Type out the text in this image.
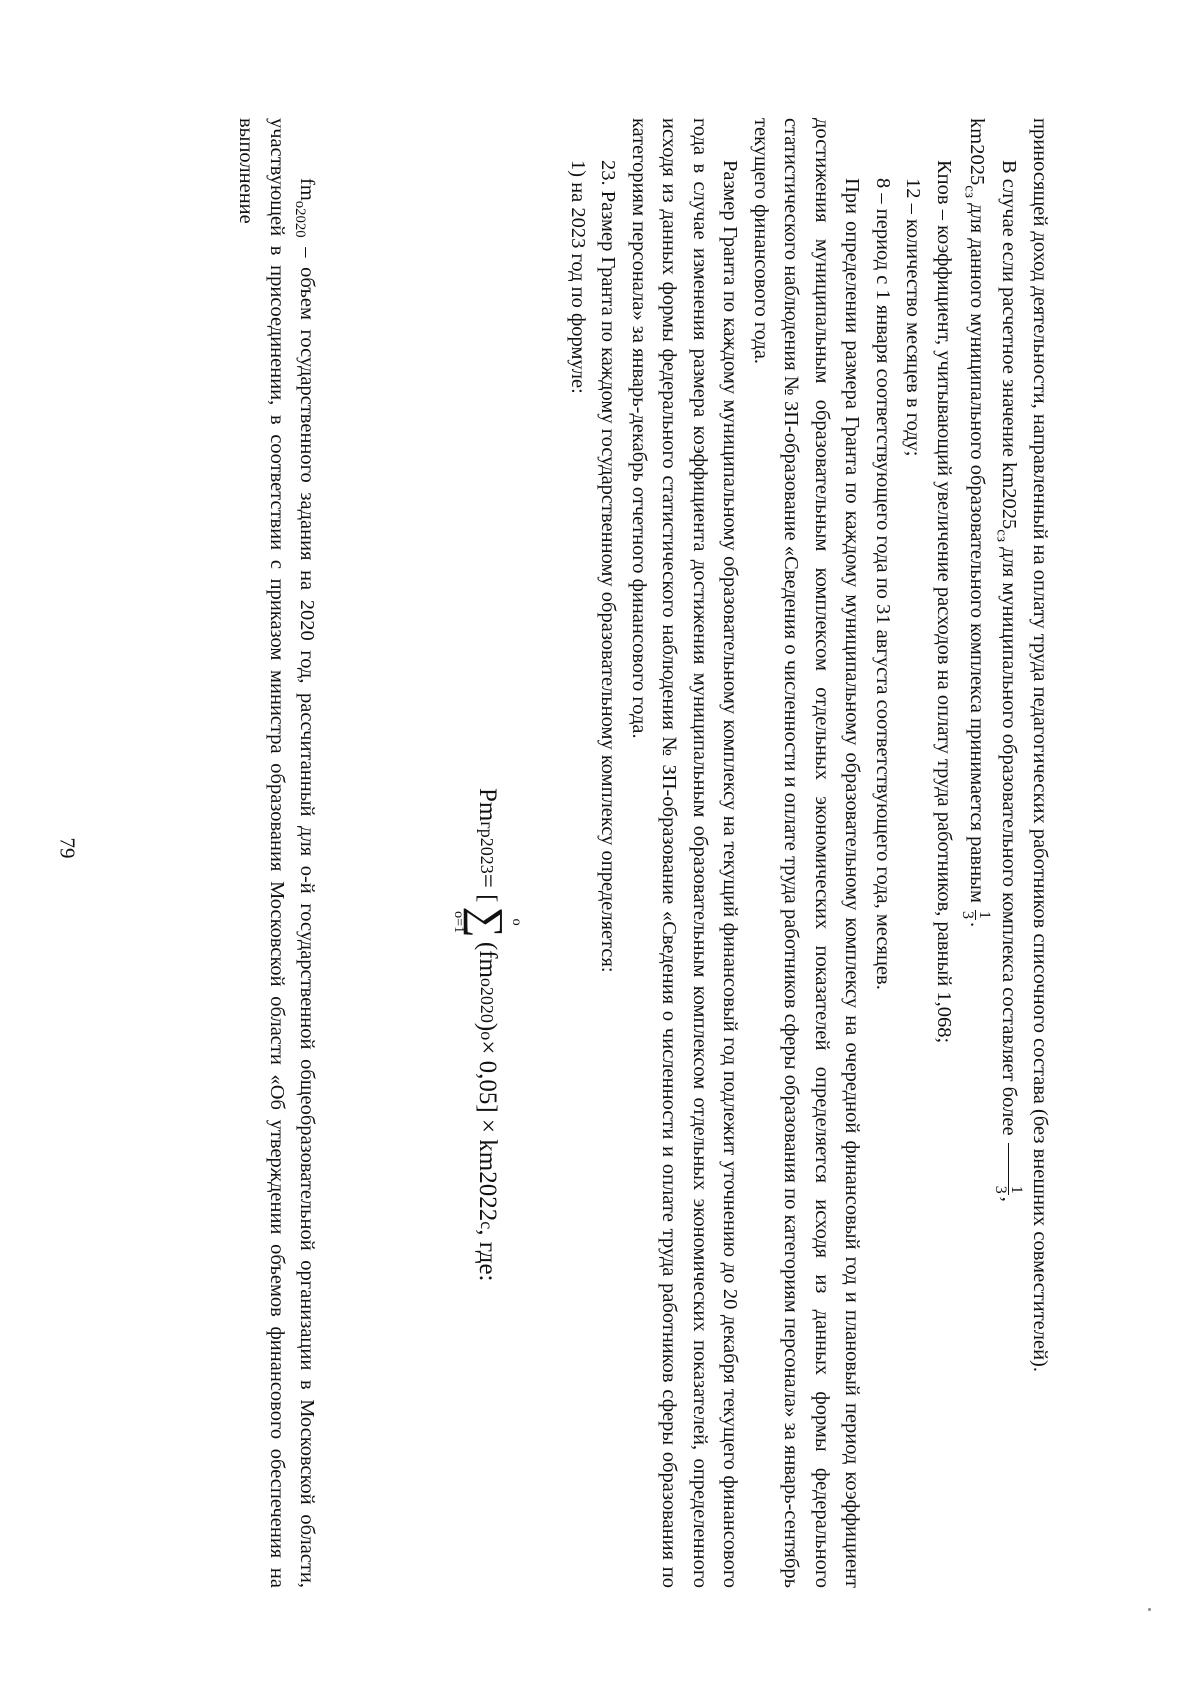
79	приносящей доход деятельности, направленный на оплату труда педагогических работников списочного состава (без внешних совместителей).

В случае если расчетное значение $km2025_{сз}$ для муниципального образовательного комплекса составляет более
1
3
,

$km2025_{сз}$ для данного муниципального образовательного комплекса принимается равным
1
3
.

Кпов – коэффициент, учитывающий увеличение расходов на оплату труда работников, равный 1,068;

12 – количество месяцев в году;

8 – период с 1 января соответствующего года по 31 августа соответствующего года, месяцев.

При определении размера Гранта по каждому муниципальному образовательному комплексу на очередной финансовый год и плановый период коэффициент достижения муниципальным образовательным комплексом отдельных экономических показателей определяется исходя из данных формы федерального статистического наблюдения № ЗП-образование «Сведения о численности и оплате труда работников сферы образования по категориям персонала» за январь-сентябрь текущего финансового года.

Размер Гранта по каждому муниципальному образовательному комплексу на текущий финансовый год подлежит уточнению до 20 декабря текущего финансового года в случае изменения размера коэффициента достижения муниципальным образовательным комплексом отдельных экономических показателей, определенного исходя из данных формы федерального статистического наблюдения № ЗП-образование «Сведения о численности и оплате труда работников сферы образования по категориям персонала» за январь-декабрь отчетного финансового года.

23. Размер Гранта по каждому государственному образовательному комплексу определяется:

1) на 2023 год по формуле:

Pm
гр2023
= [
о
∑
о=1
(fm
о2020
)
о
× 0,05] × km2022
с
, где:

$fm_{о2020}$ – объем государственного задания на 2020 год, рассчитанный для о-й государственной общеобразовательной организации в Московской области, участвующей в присоединении, в соответствии с приказом министра образования Московской области «Об утверждении объемов финансового обеспечения на выполнение
